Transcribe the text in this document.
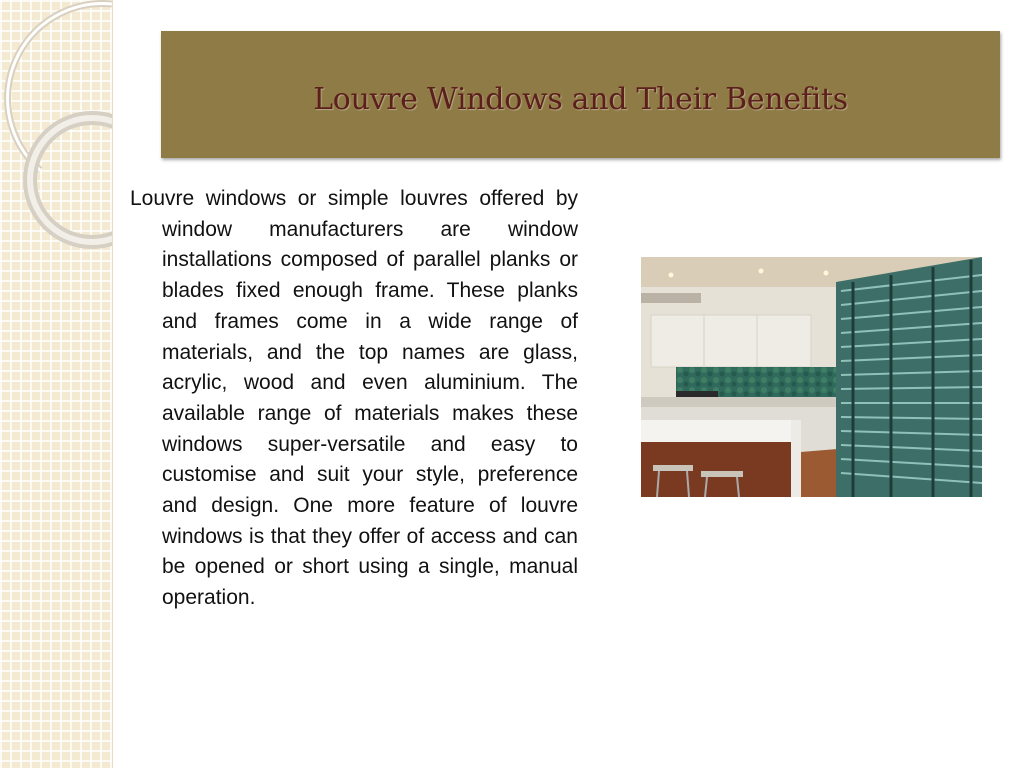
Louvre Windows and Their Benefits
Louvre windows or simple louvres offered by window manufacturers are window installations composed of parallel planks or blades fixed enough frame. These planks and frames come in a wide range of materials, and the top names are glass, acrylic, wood and even aluminium. The available range of materials makes these windows super-versatile and easy to customise and suit your style, preference and design. One more feature of louvre windows is that they offer of access and can be opened or short using a single, manual operation.
